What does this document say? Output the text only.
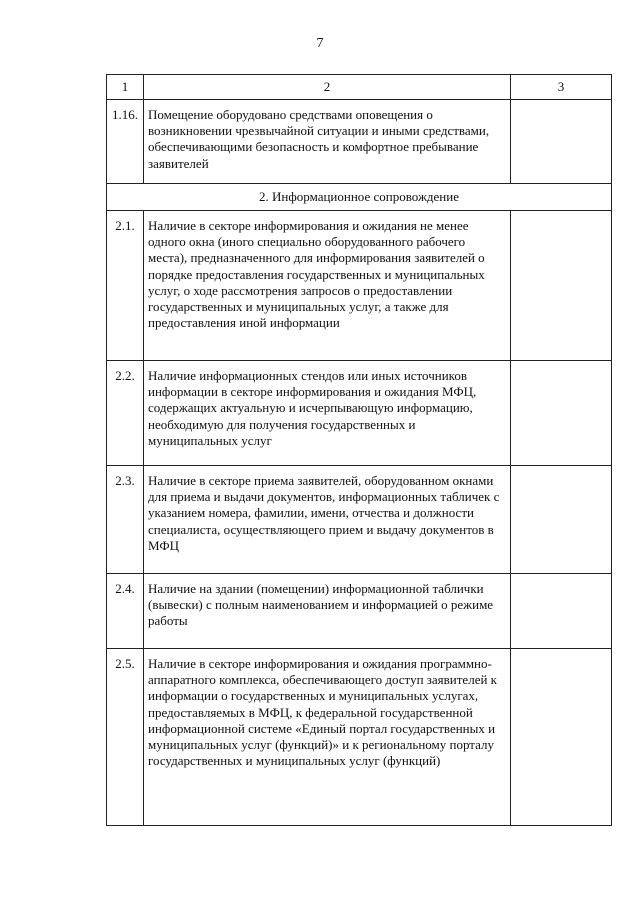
7
1	2	3
1.16.	Помещение оборудовано средствами оповещения о возникновении чрезвычайной ситуации и иными средствами, обеспечивающими безопасность и комфортное пребывание заявителей	
2. Информационное сопровождение		
2.1.	Наличие в секторе информирования и ожидания не менее одного окна (иного специально оборудованного рабочего места), предназначенного для информирования заявителей о порядке предоставления государственных и муниципальных услуг, о ходе рассмотрения запросов о предоставлении государственных и муниципальных услуг, а также для предоставления иной информации	
2.2.	Наличие информационных стендов или иных источников информации в секторе информирования и ожидания МФЦ, содержащих актуальную и исчерпывающую информацию, необходимую для получения государственных и муниципальных услуг	
2.3.	Наличие в секторе приема заявителей, оборудованном окнами для приема и выдачи документов, информационных табличек с указанием номера, фамилии, имени, отчества и должности специалиста, осуществляющего прием и выдачу документов в МФЦ	
2.4.	Наличие на здании (помещении) информационной таблички (вывески) с полным наименованием и информацией о режиме работы	
2.5.	Наличие в секторе информирования и ожидания программно-аппаратного комплекса, обеспечивающего доступ заявителей к информации о государственных и муниципальных услугах, предоставляемых в МФЦ, к федеральной государственной информационной системе «Единый портал государственных и муниципальных услуг (функций)» и к региональному порталу государственных и муниципальных услуг (функций)	
